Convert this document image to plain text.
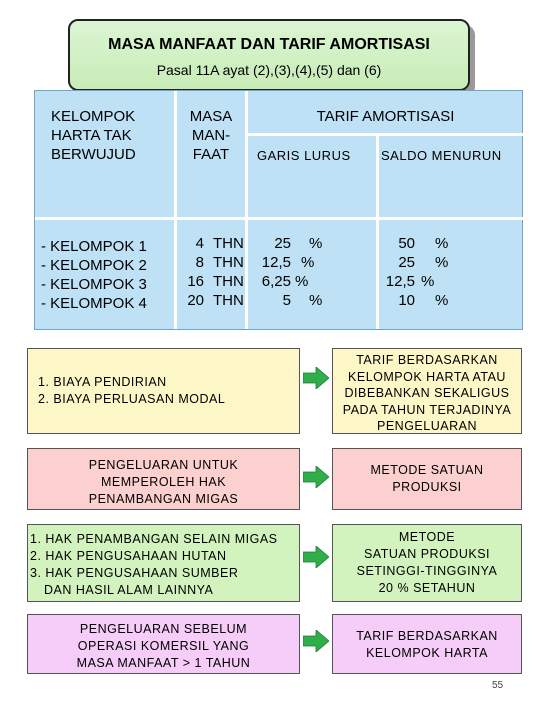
MASA MANFAAT DAN TARIF AMORTISASI
Pasal 11A ayat (2),(3),(4),(5) dan (6)
KELOMPOK
HARTA TAK
BERWUJUD
MASA
MAN-
FAAT
TARIF AMORTISASI
GARIS LURUS SALDO MENURUN
- KELOMPOK 1
- KELOMPOK 2
- KELOMPOK 3
- KELOMPOK 4
4 THN
8 THN
16 THN
20 THN
25 %
12,5 %
6,25 %
5 %
50 %
25 %
12,5 %
10 %
1. BIAYA PENDIRIAN
2. BIAYA PERLUASAN MODAL
TARIF BERDASARKAN
KELOMPOK HARTA ATAU
DIBEBANKAN SEKALIGUS
PADA TAHUN TERJADINYA
PENGELUARAN
PENGELUARAN UNTUK
MEMPEROLEH HAK
PENAMBANGAN MIGAS
METODE SATUAN
PRODUKSI
1. HAK PENAMBANGAN SELAIN MIGAS
2. HAK PENGUSAHAAN HUTAN
3. HAK PENGUSAHAAN SUMBER
DAN HASIL ALAM LAINNYA
METODE
SATUAN PRODUKSI
SETINGGI-TINGGINYA
20 % SETAHUN
PENGELUARAN SEBELUM
OPERASI KOMERSIL YANG
MASA MANFAAT > 1 TAHUN
TARIF BERDASARKAN
KELOMPOK HARTA
55
